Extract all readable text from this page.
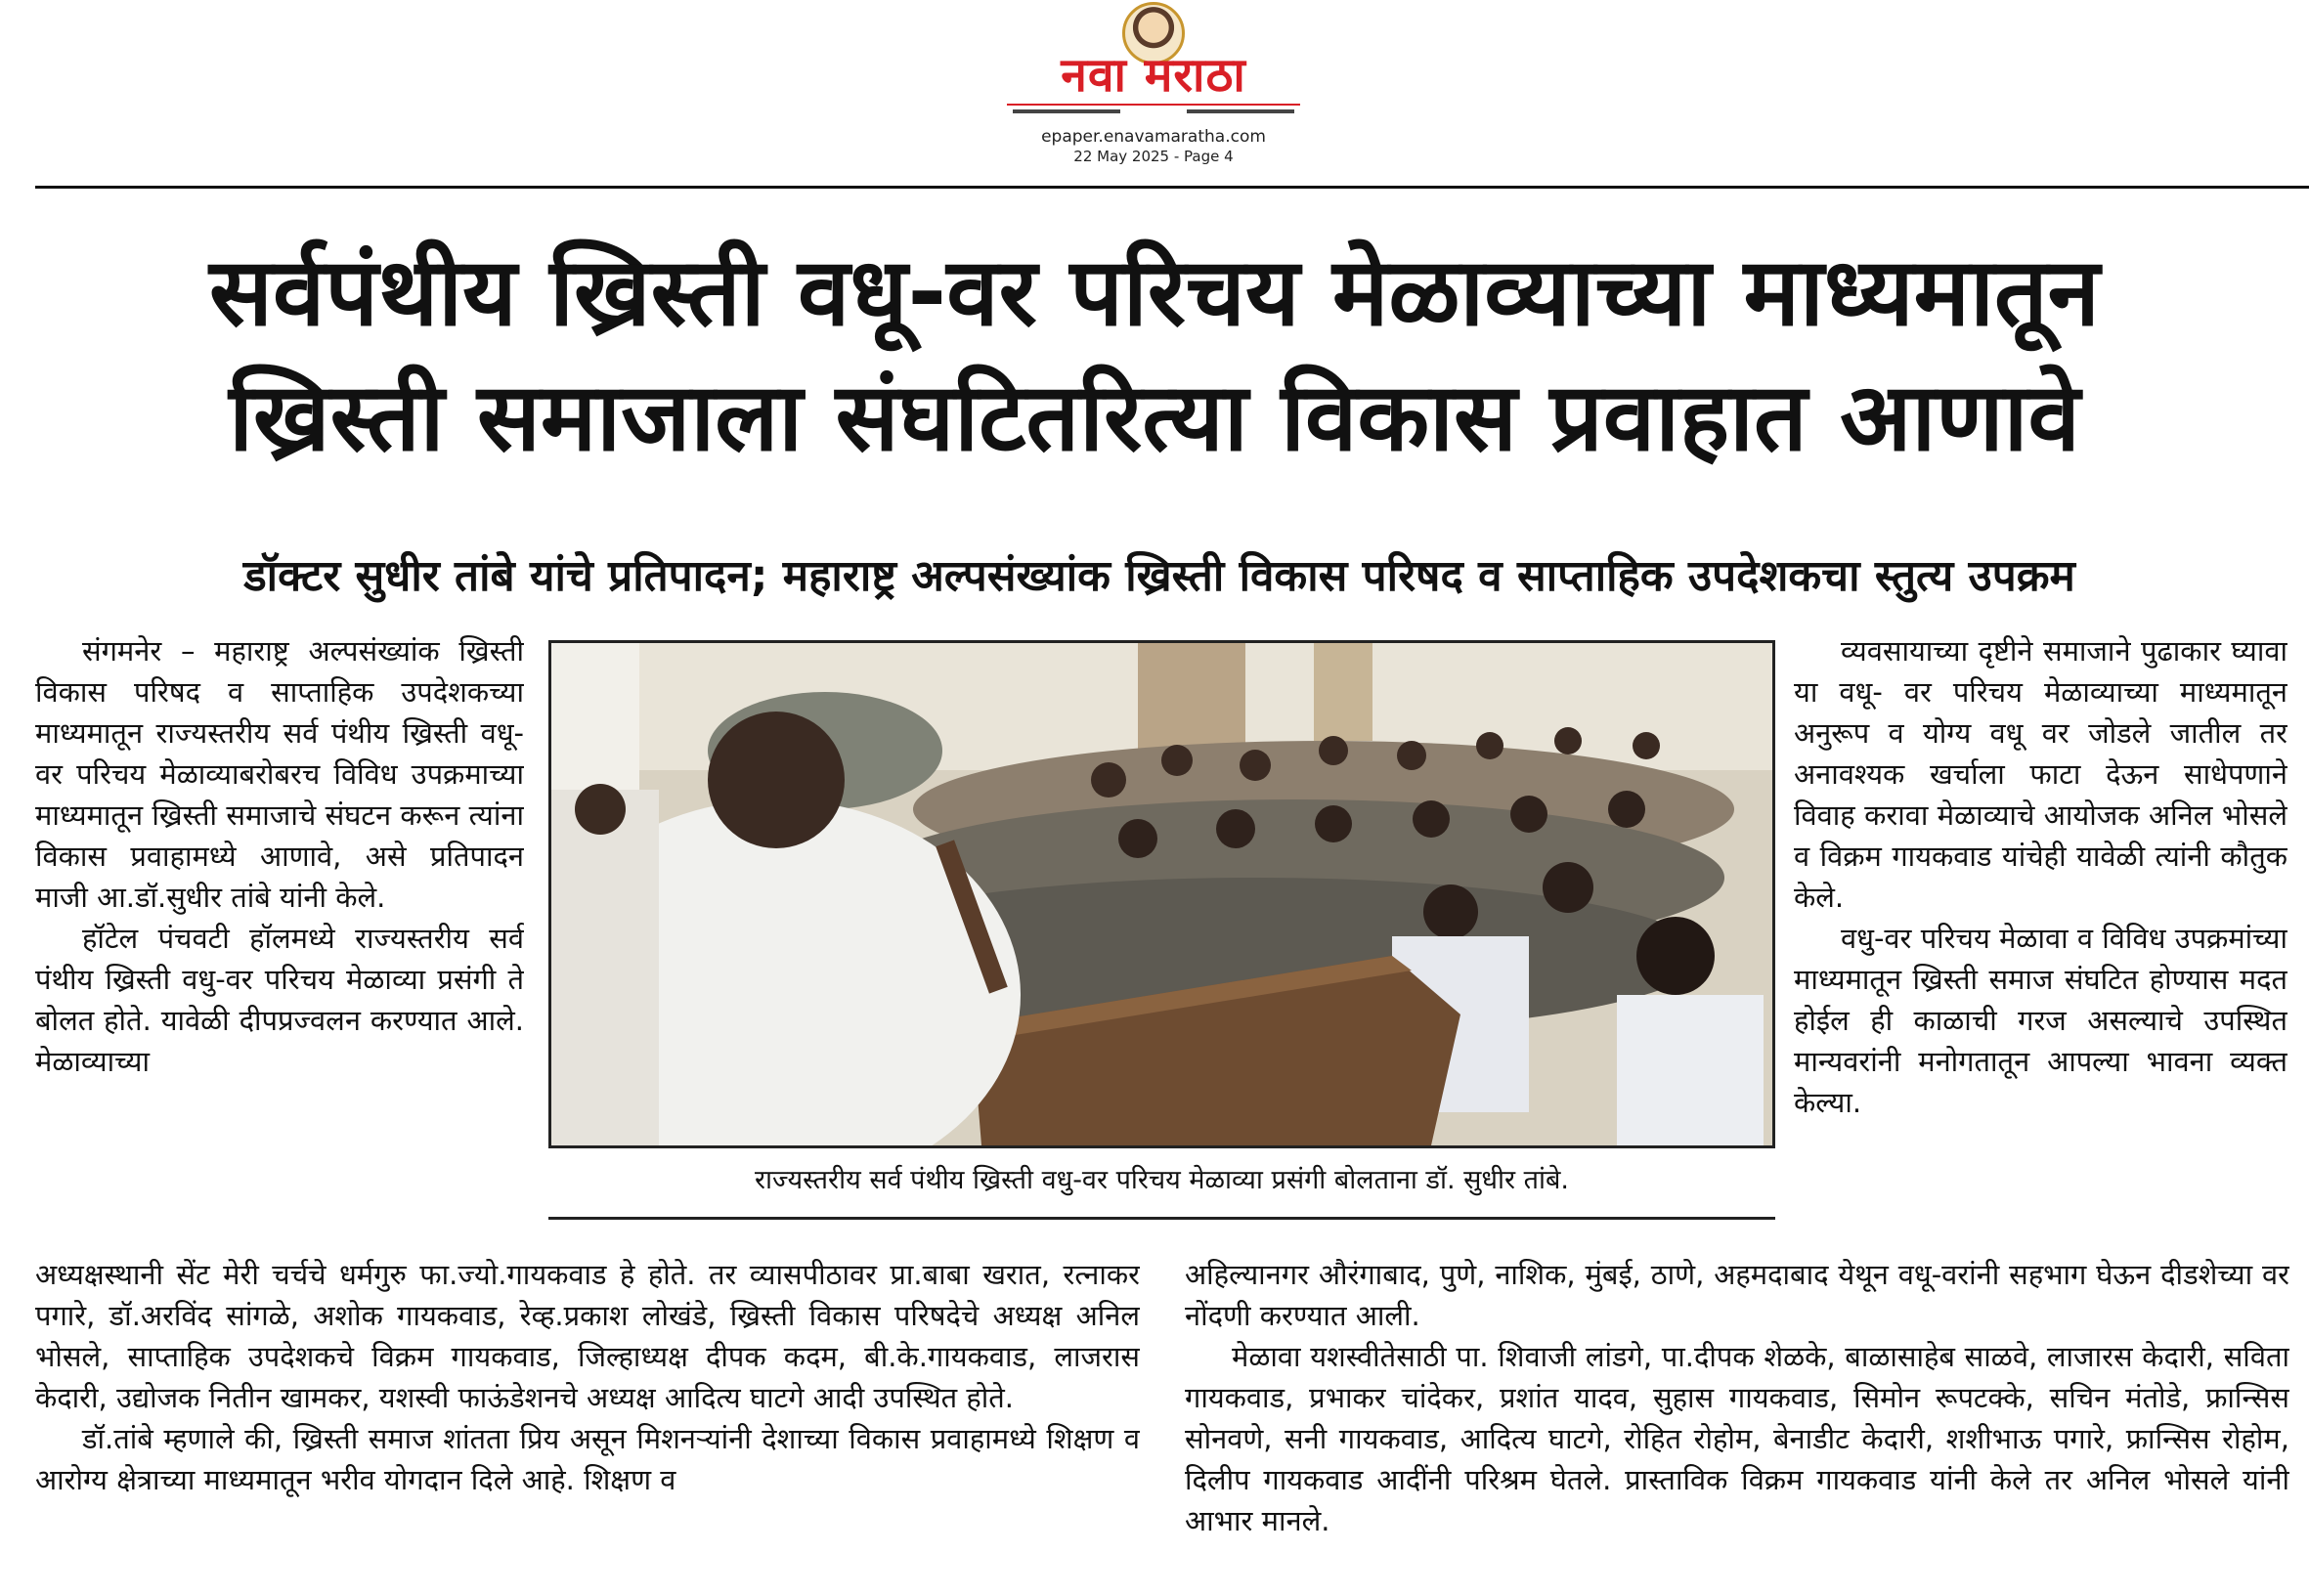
नवा मराठा
epaper.enavamaratha.com
22 May 2025 - Page 4
सर्वपंथीय ख्रिस्ती वधू-वर परिचय मेळाव्याच्या माध्यमातून
ख्रिस्ती समाजाला संघटितरित्या विकास प्रवाहात आणावे
डॉक्टर सुधीर तांबे यांचे प्रतिपादन; महाराष्ट्र अल्पसंख्यांक ख्रिस्ती विकास परिषद व साप्ताहिक उपदेशकचा स्तुत्य उपक्रम

संगमनेर – महाराष्ट्र अल्पसंख्यांक ख्रिस्ती विकास परिषद व साप्ताहिक उपदेशकच्या माध्यमातून राज्यस्तरीय सर्व पंथीय ख्रिस्ती वधू-वर परिचय मेळाव्याबरोबरच विविध उपक्रमाच्या माध्यमातून ख्रिस्ती समाजाचे संघटन करून त्यांना विकास प्रवाहामध्ये आणावे, असे प्रतिपादन माजी आ.डॉ.सुधीर तांबे यांनी केले.

हॉटेल पंचवटी हॉलमध्ये राज्यस्तरीय सर्व पंथीय ख्रिस्ती वधु-वर परिचय मेळाव्या प्रसंगी ते बोलत होते. यावेळी दीपप्रज्वलन करण्यात आले. मेळाव्याच्या

राज्यस्तरीय सर्व पंथीय ख्रिस्ती वधु-वर परिचय मेळाव्या प्रसंगी बोलताना डॉ. सुधीर तांबे.

व्यवसायाच्या दृष्टीने समाजाने पुढाकार घ्यावा या वधू- वर परिचय मेळाव्याच्या माध्यमातून अनुरूप व योग्य वधू वर जोडले जातील तर अनावश्यक खर्चाला फाटा देऊन साधेपणाने विवाह करावा मेळाव्याचे आयोजक अनिल भोसले व विक्रम गायकवाड यांचेही यावेळी त्यांनी कौतुक केले.

वधु-वर परिचय मेळावा व विविध उपक्रमांच्या माध्यमातून ख्रिस्ती समाज संघटित होण्यास मदत होईल ही काळाची गरज असल्याचे उपस्थित मान्यवरांनी मनोगतातून आपल्या भावना व्यक्त केल्या.

अध्यक्षस्थानी सेंट मेरी चर्चचे धर्मगुरु फा.ज्यो.गायकवाड हे होते. तर व्यासपीठावर प्रा.बाबा खरात, रत्नाकर पगारे, डॉ.अरविंद सांगळे, अशोक गायकवाड, रेव्ह.प्रकाश लोखंडे, ख्रिस्ती विकास परिषदेचे अध्यक्ष अनिल भोसले, साप्ताहिक उपदेशकचे विक्रम गायकवाड, जिल्हाध्यक्ष दीपक कदम, बी.के.गायकवाड, लाजरास केदारी, उद्योजक नितीन खामकर, यशस्वी फाऊंडेशनचे अध्यक्ष आदित्य घाटगे आदी उपस्थित होते.

डॉ.तांबे म्हणाले की, ख्रिस्ती समाज शांतता प्रिय असून मिशनऱ्यांनी देशाच्या विकास प्रवाहामध्ये शिक्षण व आरोग्य क्षेत्राच्या माध्यमातून भरीव योगदान दिले आहे. शिक्षण व

अहिल्यानगर औरंगाबाद, पुणे, नाशिक, मुंबई, ठाणे, अहमदाबाद येथून वधू-वरांनी सहभाग घेऊन दीडशेच्या वर नोंदणी करण्यात आली.

मेळावा यशस्वीतेसाठी पा. शिवाजी लांडगे, पा.दीपक शेळके, बाळासाहेब साळवे, लाजारस केदारी, सविता गायकवाड, प्रभाकर चांदेकर, प्रशांत यादव, सुहास गायकवाड, सिमोन रूपटक्के, सचिन मंतोडे, फ्रान्सिस सोनवणे, सनी गायकवाड, आदित्य घाटगे, रोहित रोहोम, बेनाडीट केदारी, शशीभाऊ पगारे, फ्रान्सिस रोहोम, दिलीप गायकवाड आदींनी परिश्रम घेतले. प्रास्ताविक विक्रम गायकवाड यांनी केले तर अनिल भोसले यांनी आभार मानले.
